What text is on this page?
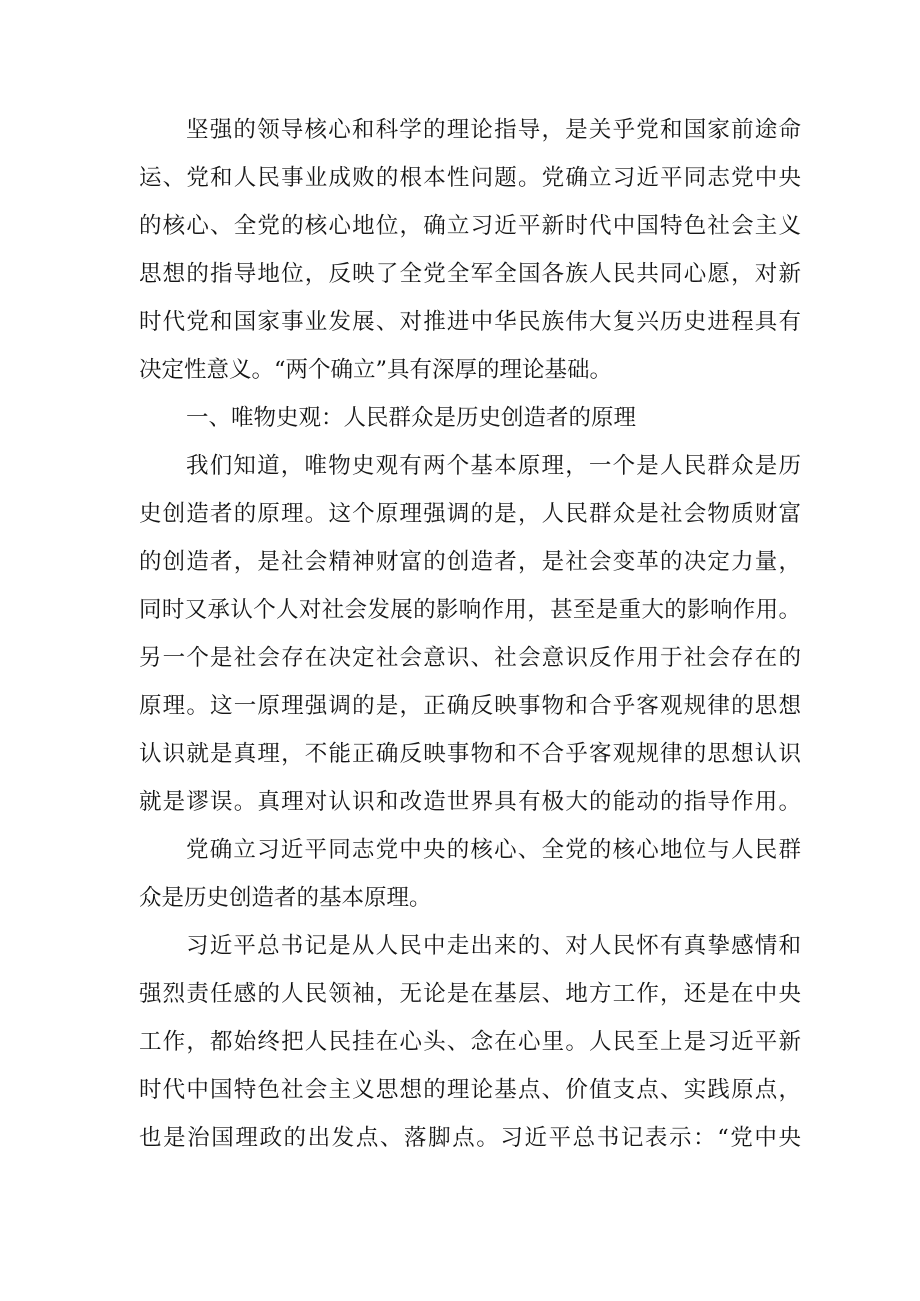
坚强的领导核心和科学的理论指导，是关乎党和国家前途命
运、党和人民事业成败的根本性问题。党确立习近平同志党中央
的核心、全党的核心地位，确立习近平新时代中国特色社会主义
思想的指导地位，反映了全党全军全国各族人民共同心愿，对新
时代党和国家事业发展、对推进中华民族伟大复兴历史进程具有
决定性意义。“两个确立”具有深厚的理论基础。
一、唯物史观：人民群众是历史创造者的原理
我们知道，唯物史观有两个基本原理，一个是人民群众是历
史创造者的原理。这个原理强调的是，人民群众是社会物质财富
的创造者，是社会精神财富的创造者，是社会变革的决定力量，
同时又承认个人对社会发展的影响作用，甚至是重大的影响作用。
另一个是社会存在决定社会意识、社会意识反作用于社会存在的
原理。这一原理强调的是，正确反映事物和合乎客观规律的思想
认识就是真理，不能正确反映事物和不合乎客观规律的思想认识
就是谬误。真理对认识和改造世界具有极大的能动的指导作用。
党确立习近平同志党中央的核心、全党的核心地位与人民群
众是历史创造者的基本原理。
习近平总书记是从人民中走出来的、对人民怀有真挚感情和
强烈责任感的人民领袖，无论是在基层、地方工作，还是在中央
工作，都始终把人民挂在心头、念在心里。人民至上是习近平新
时代中国特色社会主义思想的理论基点、价值支点、实践原点，
也是治国理政的出发点、落脚点。习近平总书记表示：“党中央
